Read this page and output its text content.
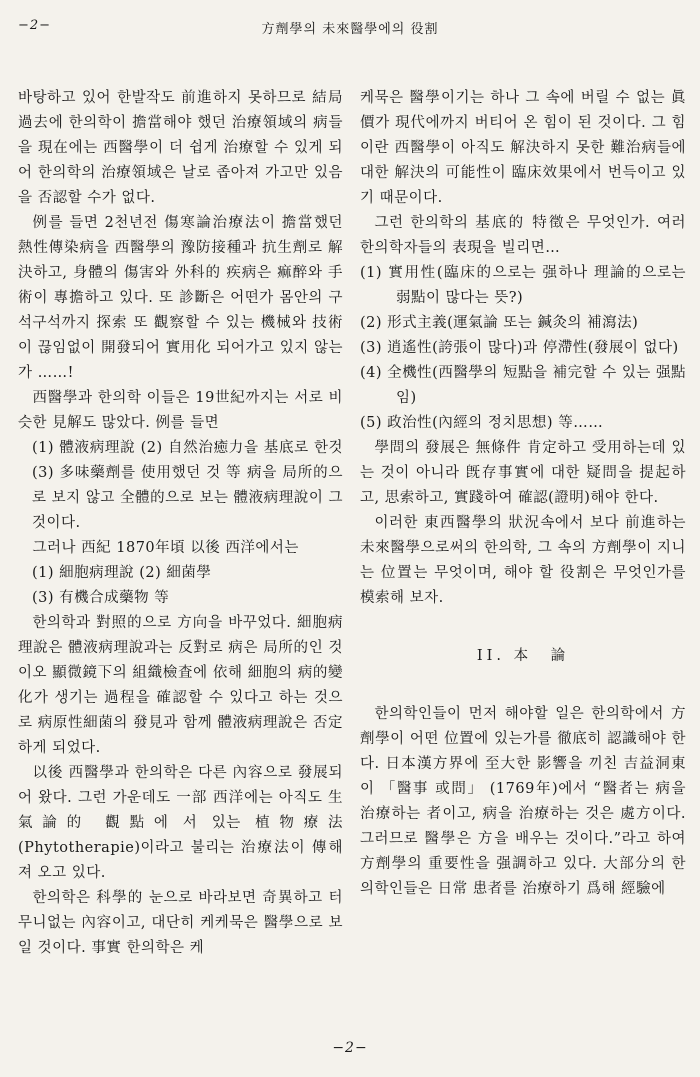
−2−	方劑學의 未來醫學에의 役割

바탕하고 있어 한발작도 前進하지 못하므로 結局 過去에 한의학이 擔當해야 했던 治療領域의 病들을 現在에는 西醫學이 더 쉽게 治療할 수 있게 되어 한의학의 治療領域은 날로 좁아져 가고만 있음을 否認할 수가 없다.

例를 들면 2천년전 傷寒論治療法이 擔當했던 熱性傳染病을 西醫學의 豫防接種과 抗生劑로 解決하고, 身體의 傷害와 外科的 疾病은 痲醉와 手術이 專擔하고 있다. 또 診斷은 어떤가 몸안의 구석구석까지 探索 또 觀察할 수 있는 機械와 技術이 끊임없이 開發되어 實用化 되어가고 있지 않는가 ……!

西醫學과 한의학 이들은 19世紀까지는 서로 비슷한 見解도 많았다. 例를 들면

(1) 體液病理說 (2) 自然治癒力을 基底로 한것 (3) 多味藥劑를 使用했던 것 等 病을 局所的으로 보지 않고 全體的으로 보는 體液病理說이 그것이다.

그러나 西紀 1870年頃 以後 西洋에서는

(1) 細胞病理說 (2) 細菌學

(3) 有機合成藥物 等

한의학과 對照的으로 方向을 바꾸었다. 細胞病理說은 體液病理說과는 反對로 病은 局所的인 것이오 顯微鏡下의 組織檢査에 依해 細胞의 病的變化가 생기는 過程을 確認할 수 있다고 하는 것으로 病原性細菌의 發見과 함께 體液病理說은 否定하게 되었다.

以後 西醫學과 한의학은 다른 內容으로 發展되어 왔다. 그런 가운데도 一部 西洋에는 아직도 生氣論的 觀點에 서 있는 植物療法(Phytotherapie)이라고 불리는 治療法이 傳해져 오고 있다.

한의학은 科學的 눈으로 바라보면 奇異하고 터무니없는 內容이고, 대단히 케케묵은 醫學으로 보일 것이다. 事實 한의학은 케

케묵은 醫學이기는 하나 그 속에 버릴 수 없는 眞價가 現代에까지 버티어 온 힘이 된 것이다. 그 힘이란 西醫學이 아직도 解決하지 못한 難治病들에 대한 解決의 可能性이 臨床效果에서 번득이고 있기 때문이다.

그런 한의학의 基底的 特徵은 무엇인가. 여러 한의학자들의 表現을 빌리면…

(1) 實用性(臨床的으로는 强하나 理論的으로는 弱點이 많다는 뜻?)

(2) 形式主義(運氣論 또는 鍼灸의 補瀉法)

(3) 逍遙性(誇張이 많다)과 停滯性(發展이 없다)

(4) 全機性(西醫學의 短點을 補完할 수 있는 强點임)

(5) 政治性(內經의 정치思想) 等……

學問의 發展은 無條件 肯定하고 受用하는데 있는 것이 아니라 旣存事實에 대한 疑問을 提起하고, 思索하고, 實踐하여 確認(證明)해야 한다.

이러한 東西醫學의 狀況속에서 보다 前進하는 未來醫學으로써의 한의학, 그 속의 方劑學이 지니는 位置는 무엇이며, 해야 할 役割은 무엇인가를 模索해 보자.

II. 本　論

한의학인들이 먼저 해야할 일은 한의학에서 方劑學이 어떤 位置에 있는가를 徹底히 認識해야 한다. 日本漢方界에 至大한 影響을 끼친 吉益洞東이 「醫事 或問」 (1769年)에서 “醫者는 病을 治療하는 者이고, 病을 治療하는 것은 處方이다. 그러므로 醫學은 方을 배우는 것이다.”라고 하여 方劑學의 重要性을 强調하고 있다. 大部分의 한의학인들은 日常 患者를 治療하기 爲해 經驗에

−2−
